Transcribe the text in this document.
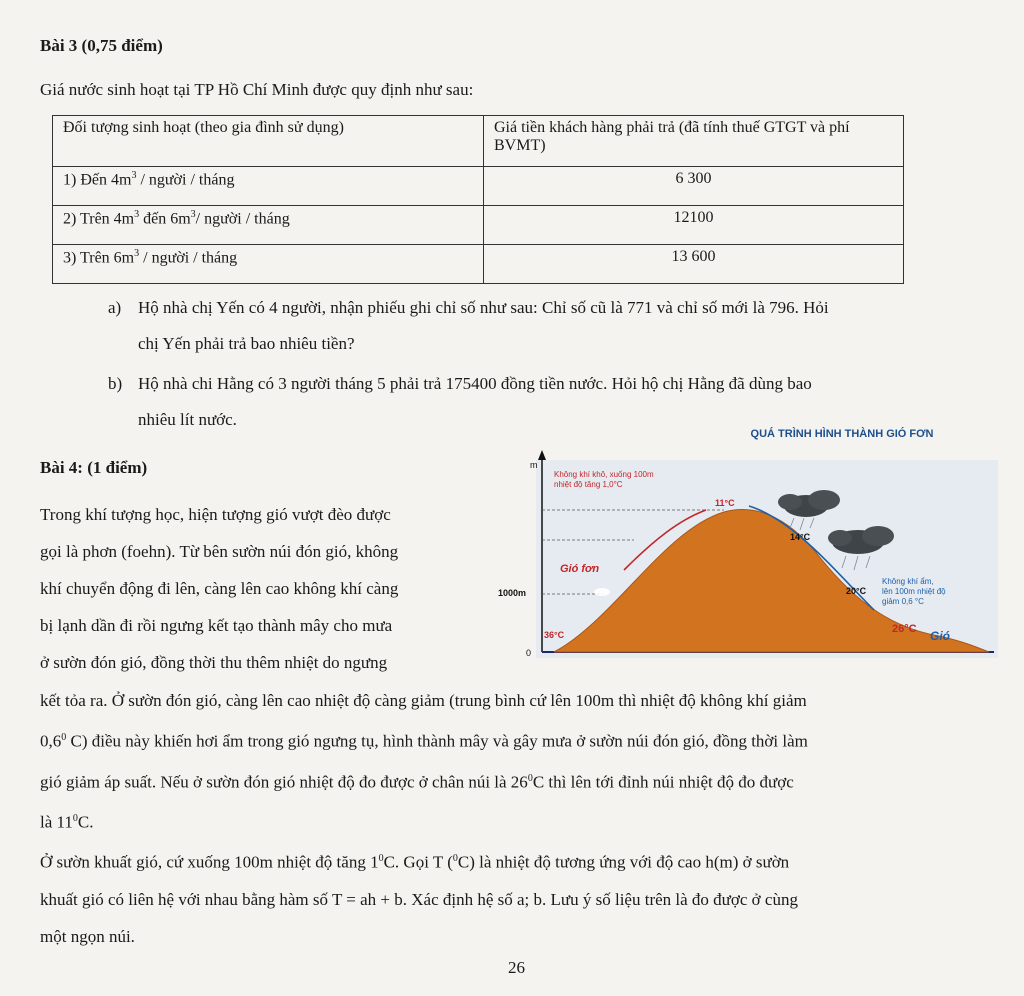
Bài 3 (0,75 điểm)
Giá nước sinh hoạt tại TP Hồ Chí Minh được quy định như sau:
Đối tượng sinh hoạt (theo gia đình sử dụng)	Giá tiền khách hàng phải trả (đã tính thuế GTGT và phí BVMT)
1) Đến $4m^3$ / người / tháng	6 300
2) Trên $4m^3$ đến $6m^3/$ người / tháng	12100
3) Trên $6m^3$ / người / tháng	13 600
a) Hộ nhà chị Yến có 4 người, nhận phiếu ghi chỉ số như sau: Chỉ số cũ là 771 và chỉ số mới là 796. Hỏi

chị Yến phải trả bao nhiêu tiền?
b) Hộ nhà chi Hằng có 3 người tháng 5 phải trả 175400 đồng tiền nước. Hỏi hộ chị Hằng đã dùng bao

nhiêu lít nước.
Bài 4: (1 điểm)
Trong khí tượng học, hiện tượng gió vượt đèo được
gọi là phơn (foehn). Từ bên sườn núi đón gió, không
khí chuyển động đi lên, càng lên cao không khí càng
bị lạnh dần đi rồi ngưng kết tạo thành mây cho mưa
ở sườn đón gió, đồng thời thu thêm nhiệt do ngưng
kết tỏa ra. Ở sườn đón gió, càng lên cao nhiệt độ càng giảm (trung bình cứ lên 100m thì nhiệt độ không khí giảm
$0,6^0$ C) điều này khiến hơi ẩm trong gió ngưng tụ, hình thành mây và gây mưa ở sườn núi đón gió, đồng thời làm
gió giảm áp suất. Nếu ở sườn đón gió nhiệt độ đo được ở chân núi là $26^0C$ thì lên tới đỉnh núi nhiệt độ đo được
là $11^0C$.
Ở sườn khuất gió, cứ xuống 100m nhiệt độ tăng $1^0C$. Gọi T ($^0$C) là nhiệt độ tương ứng với độ cao h(m) ở sườn
khuất gió có liên hệ với nhau bằng hàm số T = ah + b. Xác định hệ số a; b. Lưu ý số liệu trên là đo được ở cùng
một ngọn núi.
QUÁ TRÌNH HÌNH THÀNH GIÓ FƠN
m
0
1000m
Không khí khô, xuống 100m
nhiệt độ tăng 1,0°C
11°C
14°C
Gió fơn
20°C
Không khí ẩm,
lên 100m nhiệt độ
giảm 0,6 °C
26°C Gió
36°C
26
